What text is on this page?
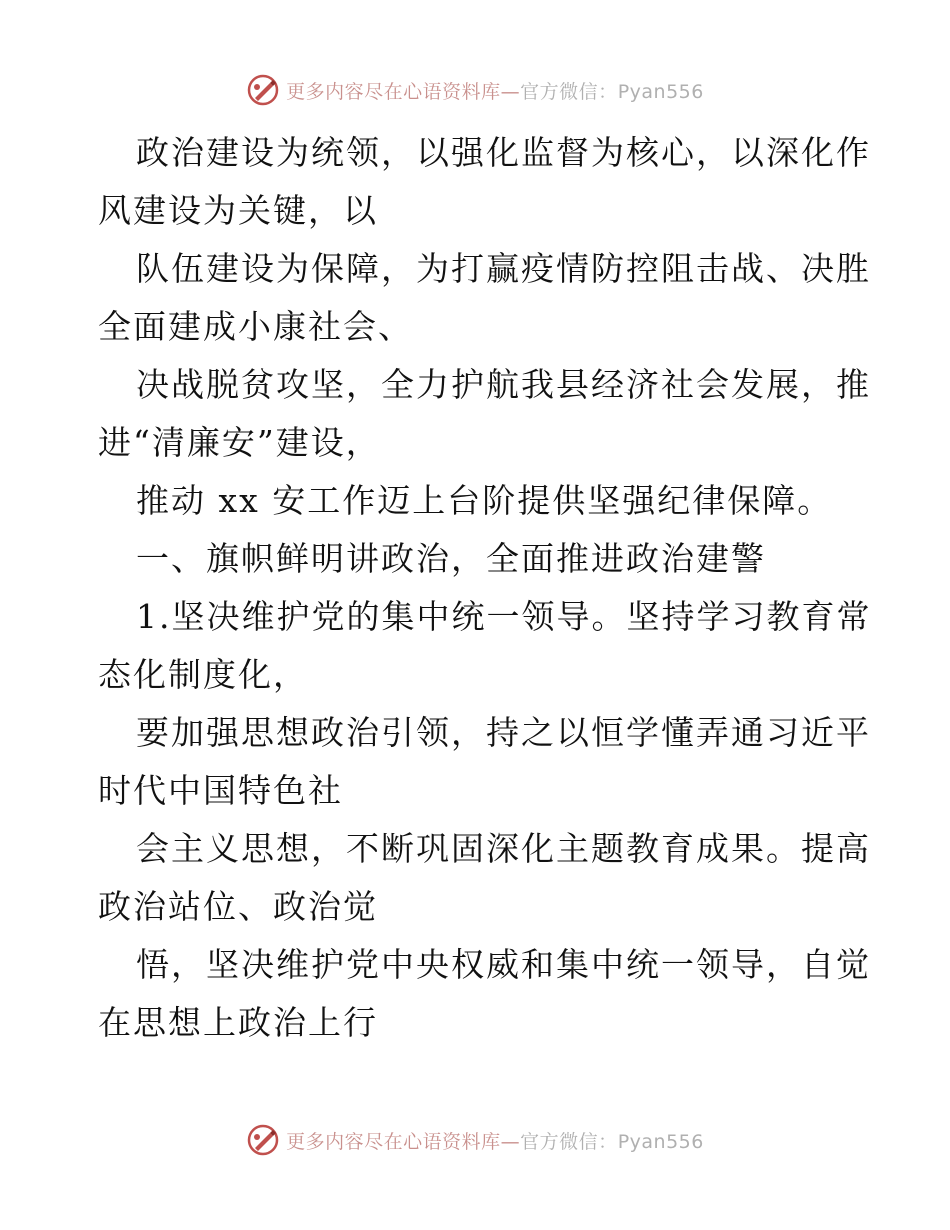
更多内容尽在心语资料库—官方微信：Pyan556
政治建设为统领，以强化监督为核心，以深化作
风建设为关键，以
队伍建设为保障，为打赢疫情防控阻击战、决胜
全面建成小康社会、
决战脱贫攻坚，全力护航我县经济社会发展，推
进“清廉安”建设，
推动 xx 安工作迈上台阶提供坚强纪律保障。
一、旗帜鲜明讲政治，全面推进政治建警
1.坚决维护党的集中统一领导。坚持学习教育常
态化制度化，
要加强思想政治引领，持之以恒学懂弄通习近平
时代中国特色社
会主义思想，不断巩固深化主题教育成果。提高
政治站位、政治觉
悟，坚决维护党中央权威和集中统一领导，自觉
在思想上政治上行
更多内容尽在心语资料库—官方微信：Pyan556
